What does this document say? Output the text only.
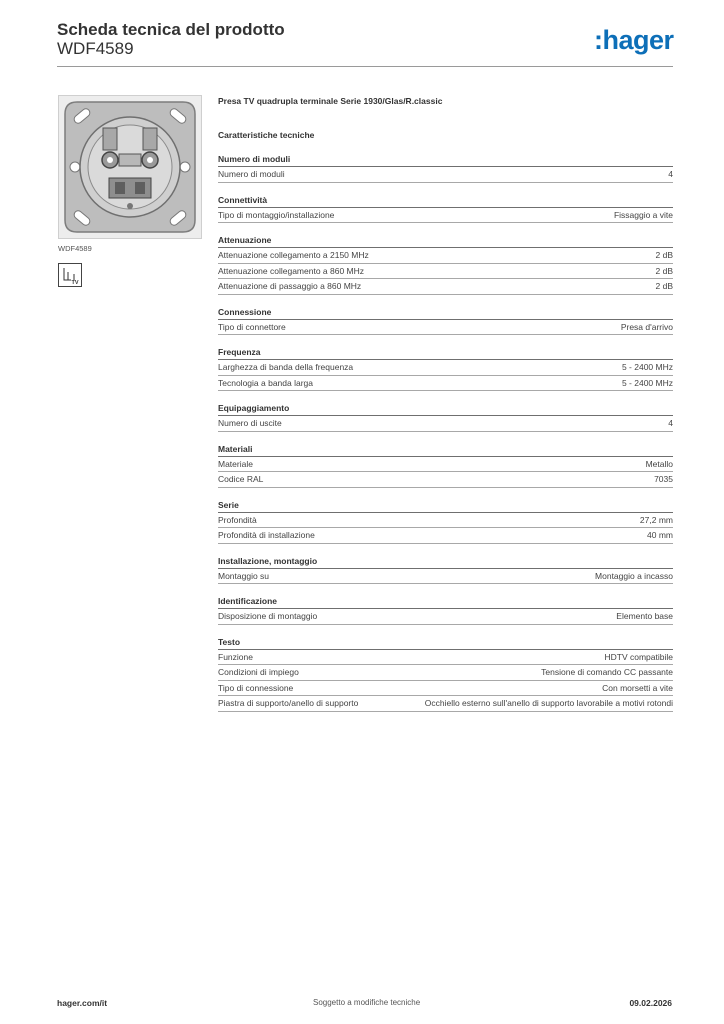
Scheda tecnica del prodotto
WDF4589	:hager
WDF4589
TV
Presa TV quadrupla terminale Serie 1930/Glas/R.classic
Caratteristiche tecniche
Numero di moduli
Numero di moduli	4
Connettività
Tipo di montaggio/installazione	Fissaggio a vite
Attenuazione
Attenuazione collegamento a 2150 MHz	2 dB
Attenuazione collegamento a 860 MHz	2 dB
Attenuazione di passaggio a 860 MHz	2 dB
Connessione
Tipo di connettore	Presa d'arrivo
Frequenza
Larghezza di banda della frequenza	5 - 2400 MHz
Tecnologia a banda larga	5 - 2400 MHz
Equipaggiamento
Numero di uscite	4
Materiali
Materiale	Metallo
Codice RAL	7035
Serie
Profondità	27,2 mm
Profondità di installazione	40 mm
Installazione, montaggio
Montaggio su	Montaggio a incasso
Identificazione
Disposizione di montaggio	Elemento base
Testo
Funzione	HDTV compatibile
Condizioni di impiego	Tensione di comando CC passante
Tipo di connessione	Con morsetti a vite
Piastra di supporto/anello di supporto	Occhiello esterno sull'anello di supporto lavorabile a motivi rotondi
hager.com/it	Soggetto a modifiche tecniche	09.02.2026
